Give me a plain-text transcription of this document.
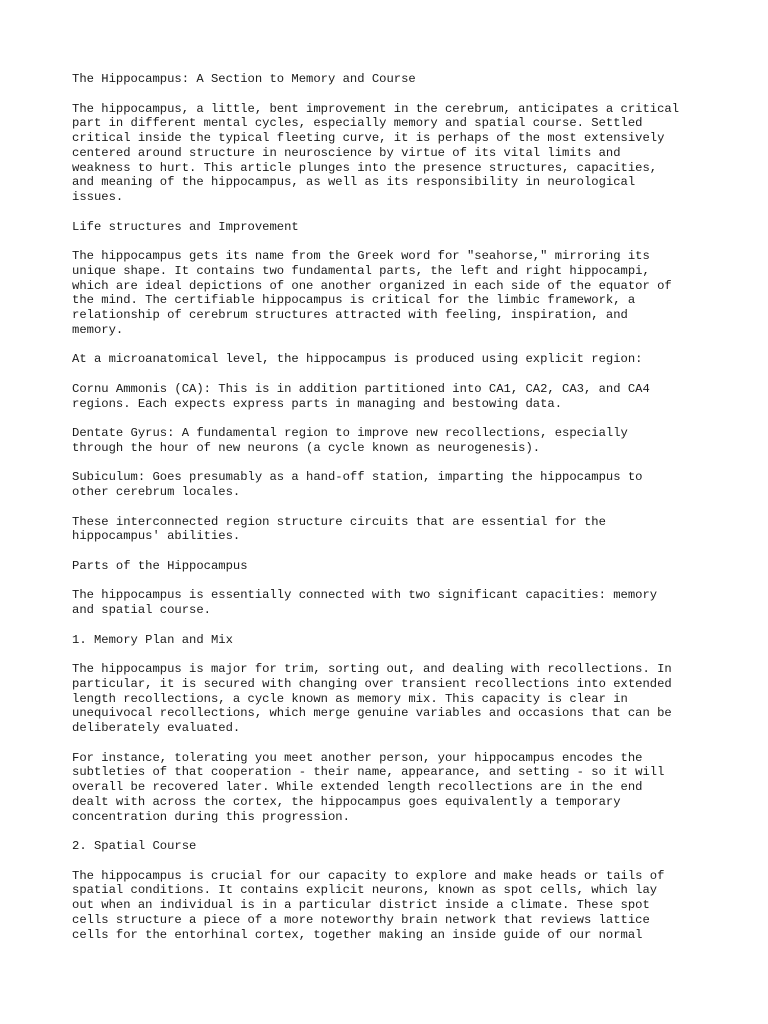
The Hippocampus: A Section to Memory and Course

The hippocampus, a little, bent improvement in the cerebrum, anticipates a critical
part in different mental cycles, especially memory and spatial course. Settled
critical inside the typical fleeting curve, it is perhaps of the most extensively
centered around structure in neuroscience by virtue of its vital limits and
weakness to hurt. This article plunges into the presence structures, capacities,
and meaning of the hippocampus, as well as its responsibility in neurological
issues.

Life structures and Improvement

The hippocampus gets its name from the Greek word for "seahorse," mirroring its
unique shape. It contains two fundamental parts, the left and right hippocampi,
which are ideal depictions of one another organized in each side of the equator of
the mind. The certifiable hippocampus is critical for the limbic framework, a
relationship of cerebrum structures attracted with feeling, inspiration, and
memory.

At a microanatomical level, the hippocampus is produced using explicit region:

Cornu Ammonis (CA): This is in addition partitioned into CA1, CA2, CA3, and CA4
regions. Each expects express parts in managing and bestowing data.

Dentate Gyrus: A fundamental region to improve new recollections, especially
through the hour of new neurons (a cycle known as neurogenesis).

Subiculum: Goes presumably as a hand-off station, imparting the hippocampus to
other cerebrum locales.

These interconnected region structure circuits that are essential for the
hippocampus' abilities.

Parts of the Hippocampus

The hippocampus is essentially connected with two significant capacities: memory
and spatial course.

1. Memory Plan and Mix

The hippocampus is major for trim, sorting out, and dealing with recollections. In
particular, it is secured with changing over transient recollections into extended
length recollections, a cycle known as memory mix. This capacity is clear in
unequivocal recollections, which merge genuine variables and occasions that can be
deliberately evaluated.

For instance, tolerating you meet another person, your hippocampus encodes the
subtleties of that cooperation - their name, appearance, and setting - so it will
overall be recovered later. While extended length recollections are in the end
dealt with across the cortex, the hippocampus goes equivalently a temporary
concentration during this progression.

2. Spatial Course

The hippocampus is crucial for our capacity to explore and make heads or tails of
spatial conditions. It contains explicit neurons, known as spot cells, which lay
out when an individual is in a particular district inside a climate. These spot
cells structure a piece of a more noteworthy brain network that reviews lattice
cells for the entorhinal cortex, together making an inside guide of our normal
